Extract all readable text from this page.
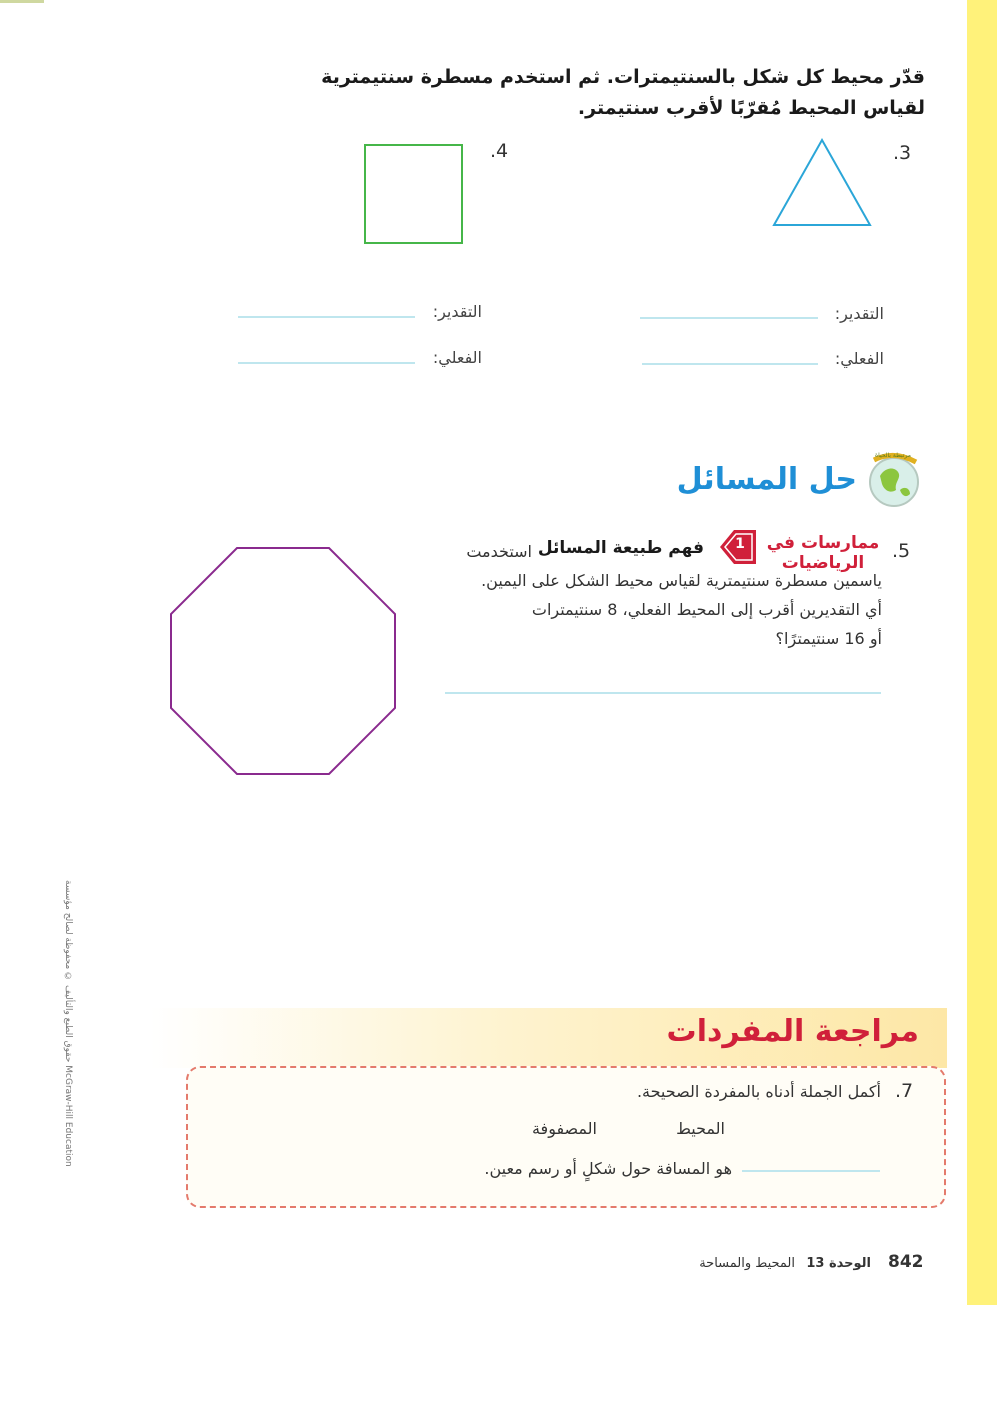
قدّر محيط كل شكل بالسنتيمترات. ثم استخدم مسطرة سنتيمترية
لقياس المحيط مُقرّبًا لأقرب سنتيمتر.
.3
.4
التقدير:
التقدير:
الفعلي:
الفعلي:
مرتبطة بالحياة
حل المسائل
.5
ممارسات في الرياضيات
1
فهم طبيعة المسائل
استخدمت
ياسمين مسطرة سنتيمترية لقياس محيط الشكل على اليمين.
أي التقديرين أقرب إلى المحيط الفعلي، 8 سنتيمترات
أو 16 سنتيمترًا؟
حقوق الطبع والتأليف © محفوظة لصالح مؤسسة McGraw-Hill Education
مراجعة المفردات
.7
أكمل الجملة أدناه بالمفردة الصحيحة.
المحيط
المصفوفة
هو المسافة حول شكلٍ أو رسم معين.
842
الوحدة 13
المحيط والمساحة
